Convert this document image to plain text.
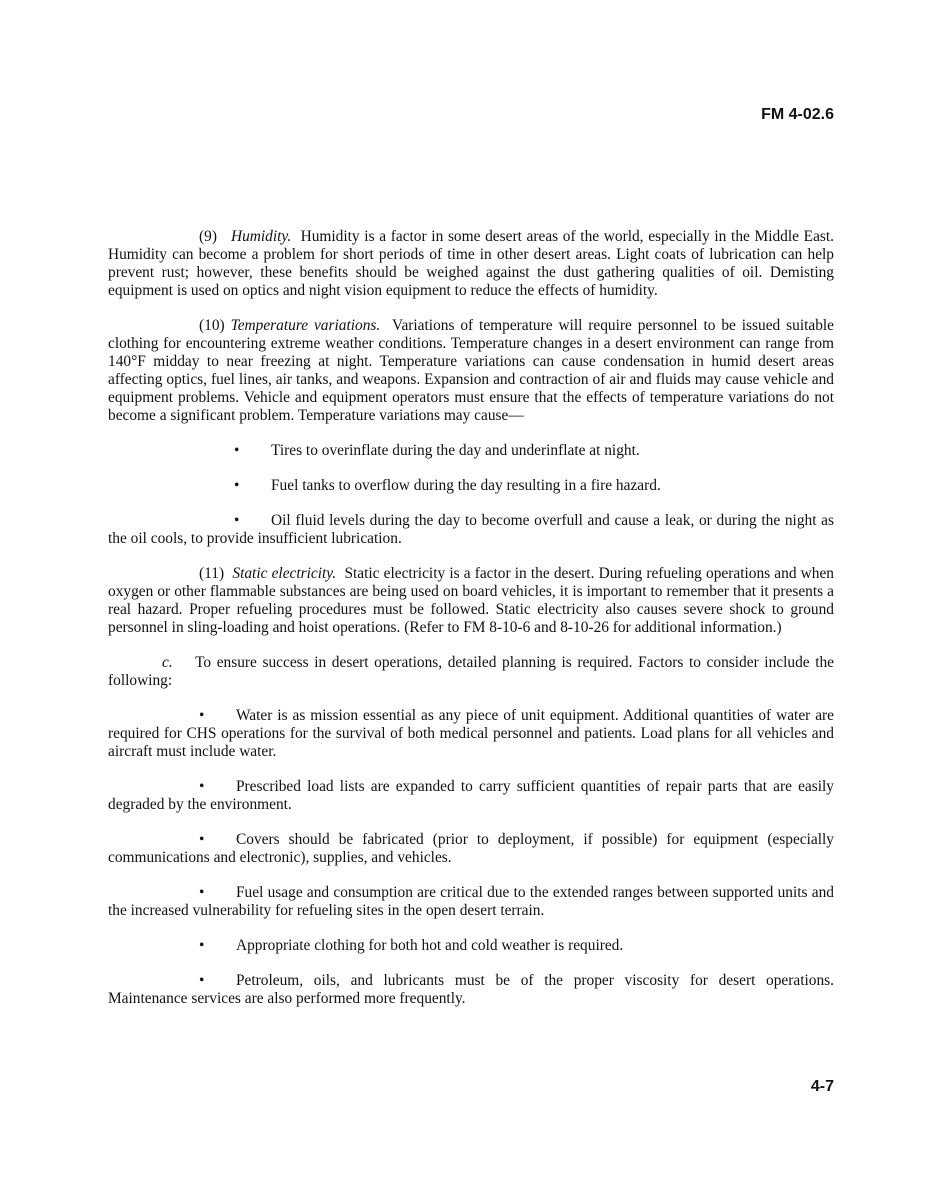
FM 4-02.6

(9) Humidity. Humidity is a factor in some desert areas of the world, especially in the Middle East. Humidity can become a problem for short periods of time in other desert areas. Light coats of lubrication can help prevent rust; however, these benefits should be weighed against the dust gathering qualities of oil. Demisting equipment is used on optics and night vision equipment to reduce the effects of humidity.

(10) Temperature variations. Variations of temperature will require personnel to be issued suitable clothing for encountering extreme weather conditions. Temperature changes in a desert environment can range from 140°F midday to near freezing at night. Temperature variations can cause condensation in humid desert areas affecting optics, fuel lines, air tanks, and weapons. Expansion and contraction of air and fluids may cause vehicle and equipment problems. Vehicle and equipment operators must ensure that the effects of temperature variations do not become a significant problem. Temperature variations may cause—

• Tires to overinflate during the day and underinflate at night.

• Fuel tanks to overflow during the day resulting in a fire hazard.

• Oil fluid levels during the day to become overfull and cause a leak, or during the night as the oil cools, to provide insufficient lubrication.

(11) Static electricity. Static electricity is a factor in the desert. During refueling operations and when oxygen or other flammable substances are being used on board vehicles, it is important to remember that it presents a real hazard. Proper refueling procedures must be followed. Static electricity also causes severe shock to ground personnel in sling-loading and hoist operations. (Refer to FM 8-10-6 and 8-10-26 for additional information.)

c. To ensure success in desert operations, detailed planning is required. Factors to consider include the following:

• Water is as mission essential as any piece of unit equipment. Additional quantities of water are required for CHS operations for the survival of both medical personnel and patients. Load plans for all vehicles and aircraft must include water.

• Prescribed load lists are expanded to carry sufficient quantities of repair parts that are easily degraded by the environment.

• Covers should be fabricated (prior to deployment, if possible) for equipment (especially communications and electronic), supplies, and vehicles.

• Fuel usage and consumption are critical due to the extended ranges between supported units and the increased vulnerability for refueling sites in the open desert terrain.

• Appropriate clothing for both hot and cold weather is required.

• Petroleum, oils, and lubricants must be of the proper viscosity for desert operations. Maintenance services are also performed more frequently.

4-7
